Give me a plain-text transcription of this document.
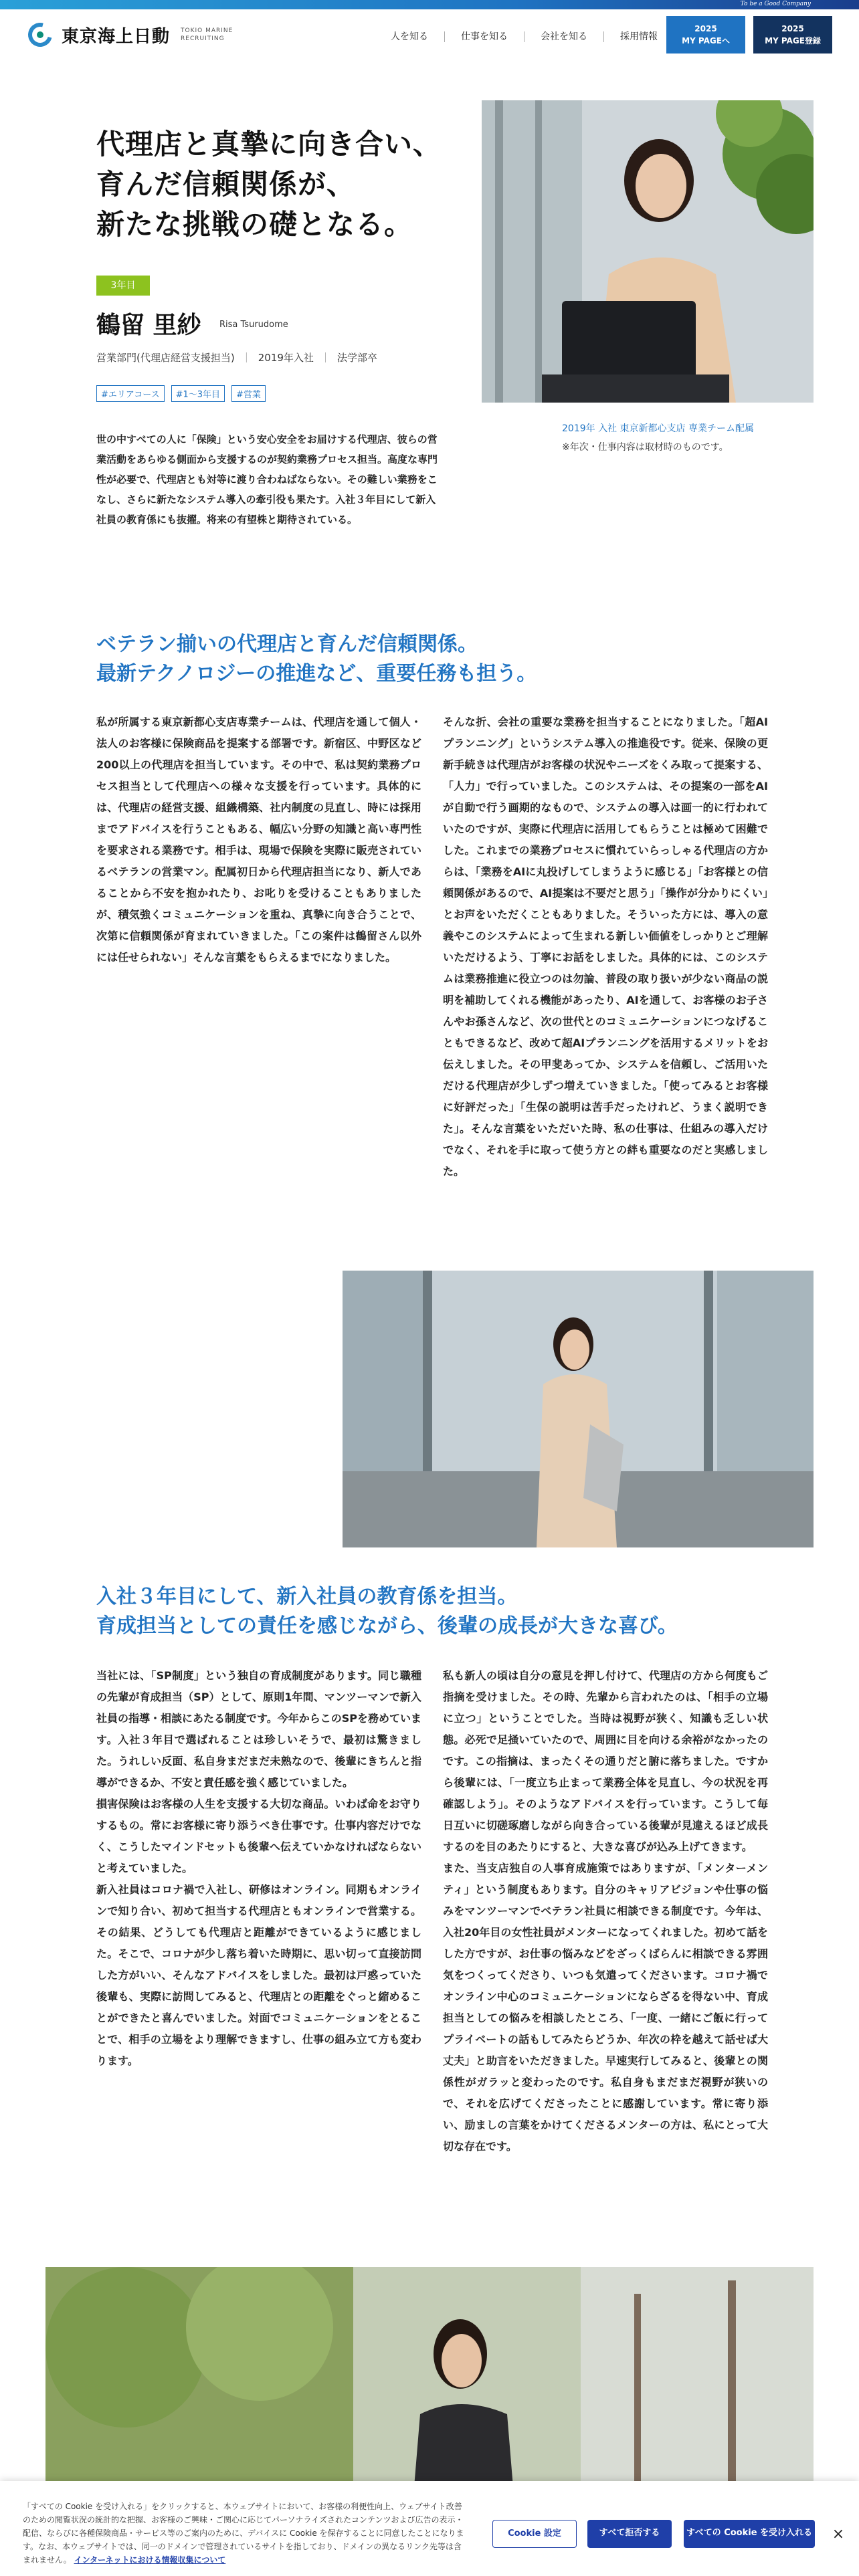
To be a Good Company
東京海上日動 TOKIO MARINE
RECRUITING	人を知る	仕事を知る	会社を知る	採用情報
2025
MY PAGEへ
2025
MY PAGE登録
代理店と真摯に向き合い、
育んだ信頼関係が、
新たな挑戦の礎となる。
3年目
鶴留 里紗 Risa Tsurudome
営業部門(代理店経営支援担当) ｜ 2019年入社 ｜ 法学部卒
#エリアコース	#1〜3年目	#営業

世の中すべての人に「保険」という安心安全をお届けする代理店、彼らの営業活動をあらゆる側面から支援するのが契約業務プロセス担当。高度な専門性が必要で、代理店とも対等に渡り合わねばならない。その難しい業務をこなし、さらに新たなシステム導入の牽引役も果たす。入社３年目にして新入社員の教育係にも抜擢。将来の有望株と期待されている。

2019年 入社 東京新都心支店 専業チーム配属
※年次・仕事内容は取材時のものです。
ベテラン揃いの代理店と育んだ信頼関係。
最新テクノロジーの推進など、重要任務も担う。

私が所属する東京新都心支店専業チームは、代理店を通して個人・法人のお客様に保険商品を提案する部署です。新宿区、中野区など200以上の代理店を担当しています。その中で、私は契約業務プロセス担当として代理店への様々な支援を行っています。具体的には、代理店の経営支援、組織構築、社内制度の見直し、時には採用までアドバイスを行うこともある、幅広い分野の知識と高い専門性を要求される業務です。相手は、現場で保険を実際に販売されているベテランの営業マン。配属初日から代理店担当になり、新人であることから不安を抱かれたり、お叱りを受けることもありましたが、積気強くコミュニケーションを重ね、真摯に向き合うことで、次第に信頼関係が育まれていきました。「この案件は鶴留さん以外には任せられない」そんな言葉をもらえるまでになりました。

そんな折、会社の重要な業務を担当することになりました。「超AIプランニング」というシステム導入の推進役です。従来、保険の更新手続きは代理店がお客様の状況やニーズをくみ取って提案する、「人力」で行っていました。このシステムは、その提案の一部をAIが自動で行う画期的なもので、システムの導入は画一的に行われていたのですが、実際に代理店に活用してもらうことは極めて困難でした。これまでの業務プロセスに慣れていらっしゃる代理店の方からは、「業務をAIに丸投げしてしまうように感じる」「お客様との信頼関係があるので、AI提案は不要だと思う」「操作が分かりにくい」とお声をいただくこともありました。そういった方には、導入の意義やこのシステムによって生まれる新しい価値をしっかりとご理解いただけるよう、丁寧にお話をしました。具体的には、このシステムは業務推進に役立つのは勿論、普段の取り扱いが少ない商品の説明を補助してくれる機能があったり、AIを通して、お客様のお子さんやお孫さんなど、次の世代とのコミュニケーションにつなげることもできるなど、改めて超AIプランニングを活用するメリットをお伝えしました。その甲斐あってか、システムを信頼し、ご活用いただける代理店が少しずつ増えていきました。「使ってみるとお客様に好評だった」「生保の説明は苦手だったけれど、うまく説明できた」。そんな言葉をいただいた時、私の仕事は、仕組みの導入だけでなく、それを手に取って使う方との絆も重要なのだと実感しました。

入社３年目にして、新入社員の教育係を担当。
育成担当としての責任を感じながら、後輩の成長が大きな喜び。

当社には、「SP制度」という独自の育成制度があります。同じ職種の先輩が育成担当（SP）として、原則1年間、マンツーマンで新入社員の指導・相談にあたる制度です。今年からこのSPを務めています。入社３年目で選ばれることは珍しいそうで、最初は驚きました。うれしい反面、私自身まだまだ未熟なので、後輩にきちんと指導ができるか、不安と責任感を強く感じていました。
損害保険はお客様の人生を支援する大切な商品。いわば命をお守りするもの。常にお客様に寄り添うべき仕事です。仕事内容だけでなく、こうしたマインドセットも後輩へ伝えていかなければならないと考えていました。
新入社員はコロナ禍で入社し、研修はオンライン。同期もオンラインで知り合い、初めて担当する代理店ともオンラインで営業する。その結果、どうしても代理店と距離ができているように感じました。そこで、コロナが少し落ち着いた時期に、思い切って直接訪問した方がいい、そんなアドバイスをしました。最初は戸惑っていた後輩も、実際に訪問してみると、代理店との距離をぐっと縮めることができたと喜んでいました。対面でコミュニケーションをとることで、相手の立場をより理解できますし、仕事の組み立て方も変わります。

私も新人の頃は自分の意見を押し付けて、代理店の方から何度もご指摘を受けました。その時、先輩から言われたのは、「相手の立場に立つ」ということでした。当時は視野が狭く、知識も乏しい状態。必死で足掻いていたので、周囲に目を向ける余裕がなかったのです。この指摘は、まったくその通りだと腑に落ちました。ですから後輩には、「一度立ち止まって業務全体を見直し、今の状況を再確認しよう」。そのようなアドバイスを行っています。こうして毎日互いに切磋琢磨しながら向き合っている後輩が見違えるほど成長するのを目のあたりにすると、大きな喜びが込み上げてきます。
また、当支店独自の人事育成施策ではありますが、「メンターメンティ」という制度もあります。自分のキャリアビジョンや仕事の悩みをマンツーマンでベテラン社員に相談できる制度です。今年は、入社20年目の女性社員がメンターになってくれました。初めて話をした方ですが、お仕事の悩みなどをざっくばらんに相談できる雰囲気をつくってくださり、いつも気遣ってくださいます。コロナ禍でオンライン中心のコミュニケーションにならざるを得ない中、育成担当としての悩みを相談したところ、「一度、一緒にご飯に行ってプライベートの話もしてみたらどうか、年次の枠を越えて話せば大丈夫」と助言をいただきました。早速実行してみると、後輩との関係性がガラッと変わったのです。私自身もまだまだ視野が狭いので、それを広げてくださったことに感謝しています。常に寄り添い、励ましの言葉をかけてくださるメンターの方は、私にとって大切な存在です。

「すべての Cookie を受け入れる」をクリックすると、本ウェブサイトにおいて、お客様の利便性向上、ウェブサイト改善のための閲覧状況の統計的な把握、お客様のご興味・ご関心に応じてパーソナライズされたコンテンツおよび広告の表示・配信、ならびに各種保険商品・サービス等のご案内のために、デバイスに Cookie を保存することに同意したことになります。なお、本ウェブサイトでは、同一のドメインで管理されているサイトを指しており、ドメインの異なるリンク先等は含まれません。 インターネットにおける情報収集について

Cookie 設定	すべて拒否する	すべての Cookie を受け入れる ×
